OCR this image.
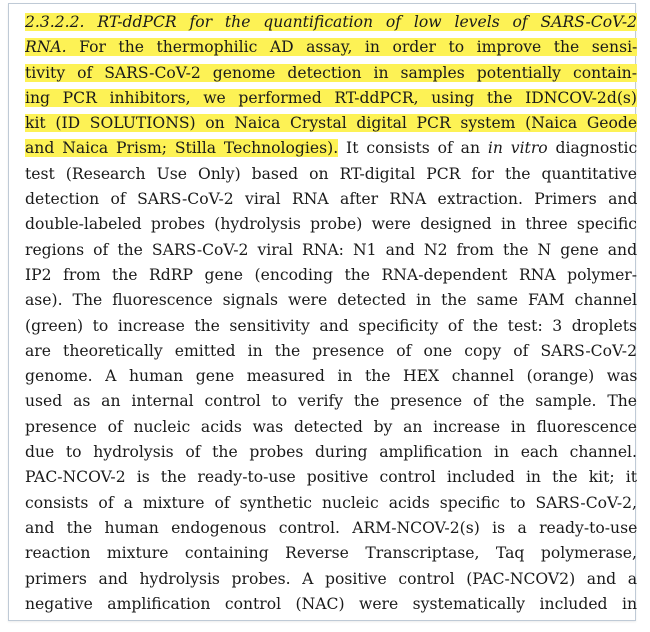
2.3.2.2. RT-ddPCR for the quantification of low levels of SARS-CoV-2
RNA. For the thermophilic AD assay, in order to improve the sensi-
tivity of SARS-CoV-2 genome detection in samples potentially contain-
ing PCR inhibitors, we performed RT-ddPCR, using the IDNCOV-2d(s)
kit (ID SOLUTIONS) on Naica Crystal digital PCR system (Naica Geode
and Naica Prism; Stilla Technologies). It consists of an in vitro diagnostic
test (Research Use Only) based on RT-digital PCR for the quantitative
detection of SARS-CoV-2 viral RNA after RNA extraction. Primers and
double-labeled probes (hydrolysis probe) were designed in three specific
regions of the SARS-CoV-2 viral RNA: N1 and N2 from the N gene and
IP2 from the RdRP gene (encoding the RNA-dependent RNA polymer-
ase). The fluorescence signals were detected in the same FAM channel
(green) to increase the sensitivity and specificity of the test: 3 droplets
are theoretically emitted in the presence of one copy of SARS-CoV-2
genome. A human gene measured in the HEX channel (orange) was
used as an internal control to verify the presence of the sample. The
presence of nucleic acids was detected by an increase in fluorescence
due to hydrolysis of the probes during amplification in each channel.
PAC-NCOV-2 is the ready-to-use positive control included in the kit; it
consists of a mixture of synthetic nucleic acids specific to SARS-CoV-2,
and the human endogenous control. ARM-NCOV-2(s) is a ready-to-use
reaction mixture containing Reverse Transcriptase, Taq polymerase,
primers and hydrolysis probes. A positive control (PAC-NCOV2) and a
negative amplification control (NAC) were systematically included in
